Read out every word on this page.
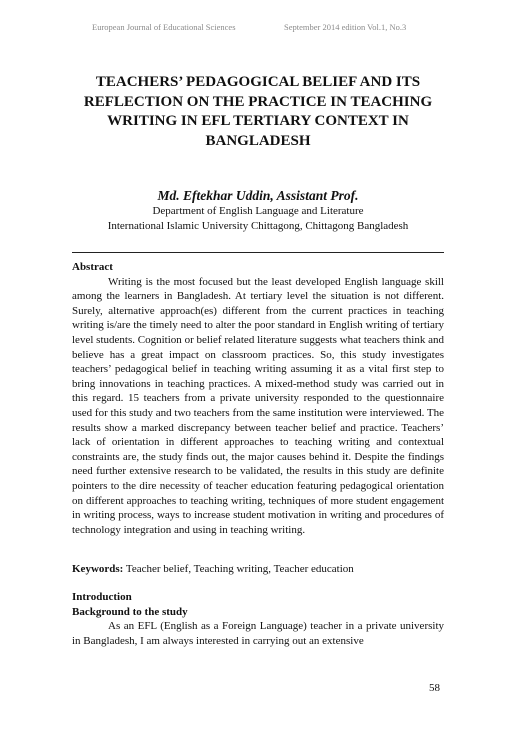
European Journal of Educational Sciences	September 2014 edition Vol.1, No.3
TEACHERS’ PEDAGOGICAL BELIEF AND ITS REFLECTION ON THE PRACTICE IN TEACHING WRITING IN EFL TERTIARY CONTEXT IN BANGLADESH
Md. Eftekhar Uddin, Assistant Prof.
Department of English Language and Literature
International Islamic University Chittagong, Chittagong Bangladesh

Abstract

Writing is the most focused but the least developed English language skill among the learners in Bangladesh. At tertiary level the situation is not different. Surely, alternative approach(es) different from the current practices in teaching writing is/are the timely need to alter the poor standard in English writing of tertiary level students. Cognition or belief related literature suggests what teachers think and believe has a great impact on classroom practices. So, this study investigates teachers’ pedagogical belief in teaching writing assuming it as a vital first step to bring innovations in teaching practices. A mixed-method study was carried out in this regard. 15 teachers from a private university responded to the questionnaire used for this study and two teachers from the same institution were interviewed. The results show a marked discrepancy between teacher belief and practice. Teachers’ lack of orientation in different approaches to teaching writing and contextual constraints are, the study finds out, the major causes behind it. Despite the findings need further extensive research to be validated, the results in this study are definite pointers to the dire necessity of teacher education featuring pedagogical orientation on different approaches to teaching writing, techniques of more student engagement in writing process, ways to increase student motivation in writing and procedures of technology integration and using in teaching writing.

Keywords: Teacher belief, Teaching writing, Teacher education

Introduction

Background to the study

As an EFL (English as a Foreign Language) teacher in a private university in Bangladesh, I am always interested in carrying out an extensive

58
